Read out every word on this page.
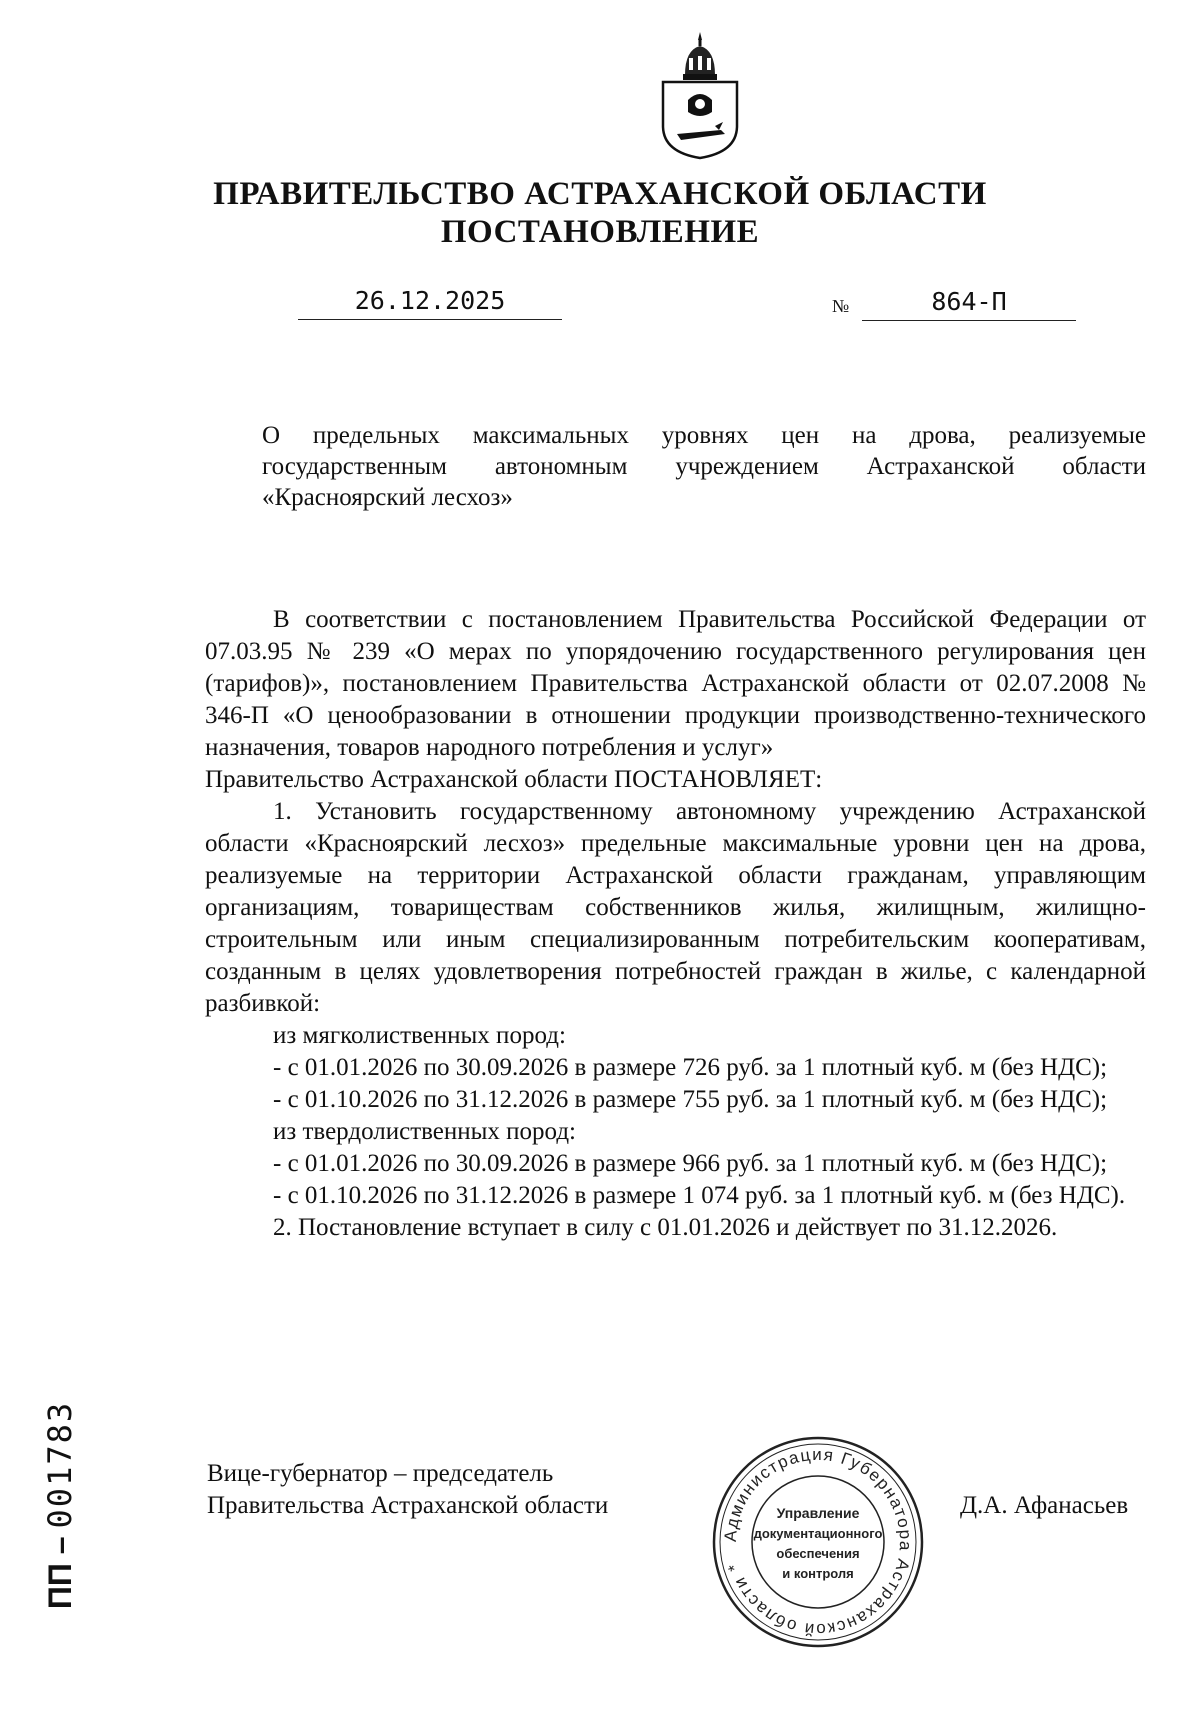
ПРАВИТЕЛЬСТВО АСТРАХАНСКОЙ ОБЛАСТИ
ПОСТАНОВЛЕНИЕ
26.12.2025	№	864-П
О предельных максимальных уровнях цен на дрова, реализуемые государственным автономным учреждением Астраханской области «Красноярский лесхоз»

В соответствии с постановлением Правительства Российской Федерации от 07.03.95 № 239 «О мерах по упорядочению государственного регулирования цен (тарифов)», постановлением Правительства Астраханской области от 02.07.2008 № 346-П «О ценообразовании в отношении продукции производственно-технического назначения, товаров народного потребления и услуг»

Правительство Астраханской области ПОСТАНОВЛЯЕТ:

1. Установить государственному автономному учреждению Астраханской области «Красноярский лесхоз» предельные максимальные уровни цен на дрова, реализуемые на территории Астраханской области гражданам, управляющим организациям, товариществам собственников жилья, жилищным, жилищно-строительным или иным специализированным потребительским кооперативам, созданным в целях удовлетворения потребностей граждан в жилье, с календарной разбивкой:

из мягколиственных пород:

- с 01.01.2026 по 30.09.2026 в размере 726 руб. за 1 плотный куб. м (без НДС);

- с 01.10.2026 по 31.12.2026 в размере 755 руб. за 1 плотный куб. м (без НДС);

из твердолиственных пород:

- с 01.01.2026 по 30.09.2026 в размере 966 руб. за 1 плотный куб. м (без НДС);

- с 01.10.2026 по 31.12.2026 в размере 1 074 руб. за 1 плотный куб. м (без НДС).

2. Постановление вступает в силу с 01.01.2026 и действует по 31.12.2026.

Вице-губернатор – председатель
Правительства Астраханской области	Д.А. Афанасьев
Администрация Губернатора Астраханской области *
Управление
документационного
обеспечения
и контроля
ПП – 001783
